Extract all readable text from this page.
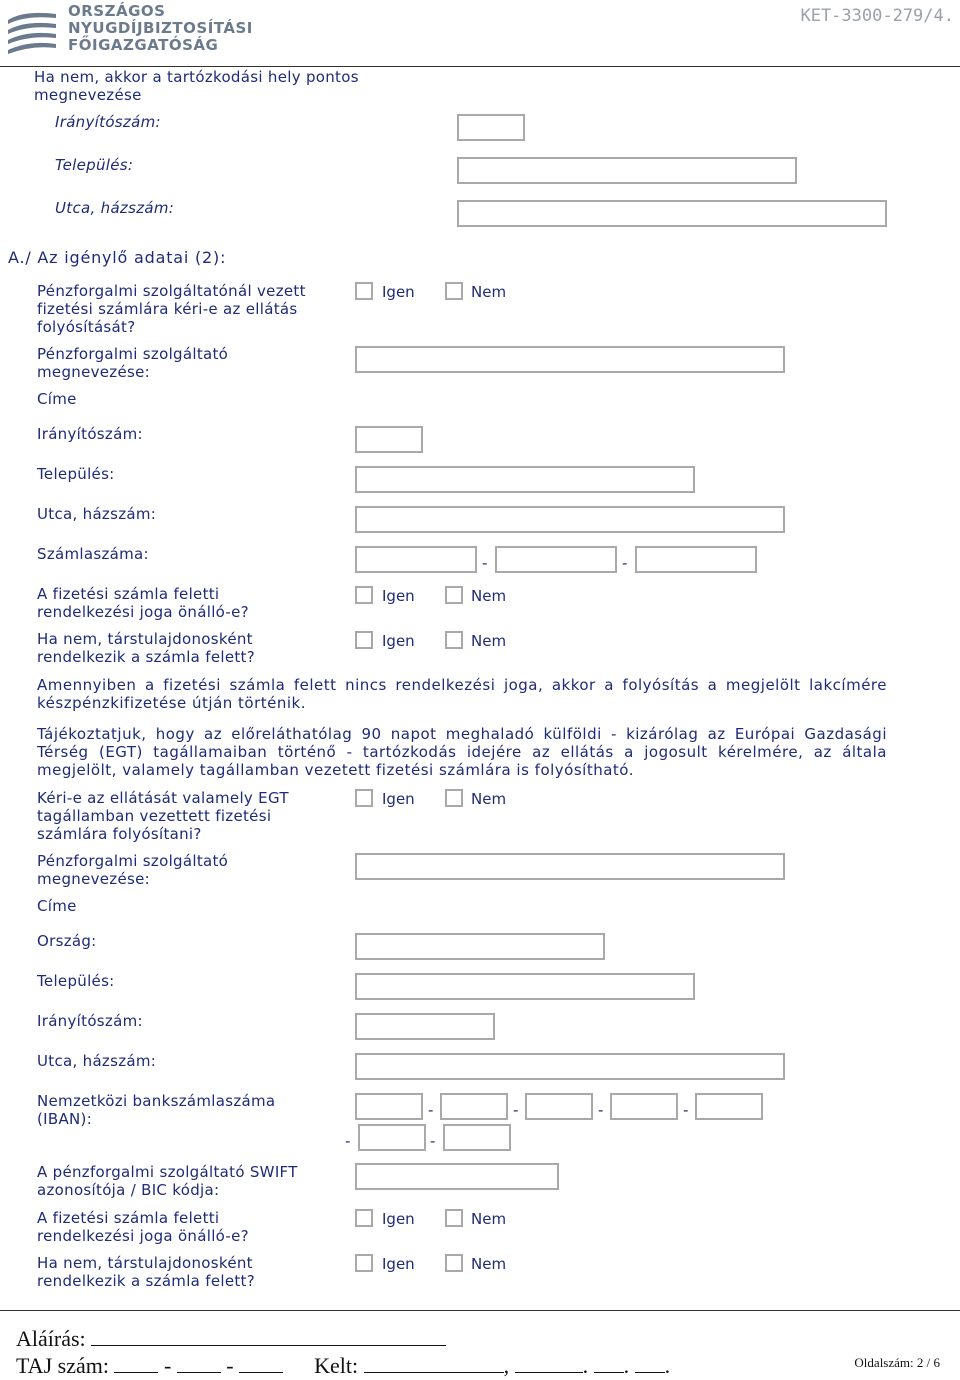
ORSZÁGOS
NYUGDÍJBIZTOSÍTÁSI
FŐIGAZGATÓSÁG
KET-3300-279/4.
Ha nem, akkor a tartózkodási hely pontos megnevezése
Irányítószám:
Település:
Utca, házszám:
A./ Az igénylő adatai (2):
Pénzforgalmi szolgáltatónál vezett fizetési számlára kéri-e az ellátás folyósítását?
Igen	Nem
Pénzforgalmi szolgáltató megnevezése:
Címe
Irányítószám:
Település:
Utca, házszám:
Számlaszáma:	-	-
A fizetési számla feletti rendelkezési joga önálló-e?
Igen	Nem
Ha nem, társtulajdonosként rendelkezik a számla felett?
Igen	Nem
Amennyiben a fizetési számla felett nincs rendelkezési joga, akkor a folyósítás a megjelölt lakcímére készpénzkifizetése útján történik.
Tájékoztatjuk, hogy az előreláthatólag 90 napot meghaladó külföldi - kizárólag az Európai Gazdasági Térség (EGT) tagállamaiban történő - tartózkodás idejére az ellátás a jogosult kérelmére, az általa megjelölt, valamely tagállamban vezetett fizetési számlára is folyósítható.
Kéri-e az ellátását valamely EGT tagállamban vezettett fizetési számlára folyósítani?
Igen	Nem
Pénzforgalmi szolgáltató megnevezése:
Címe
Ország:
Település:
Irányítószám:
Utca, házszám:
Nemzetközi bankszámlaszáma (IBAN):	-	-	-	-
-	-
A pénzforgalmi szolgáltató SWIFT azonosítója / BIC kódja:
A fizetési számla feletti rendelkezési joga önálló-e?
Igen	Nem
Ha nem, társtulajdonosként rendelkezik a számla felett?
Igen	Nem
Aláírás:
TAJ szám:	-	-	Kelt:	,	. . .	Oldalszám: 2 / 6
